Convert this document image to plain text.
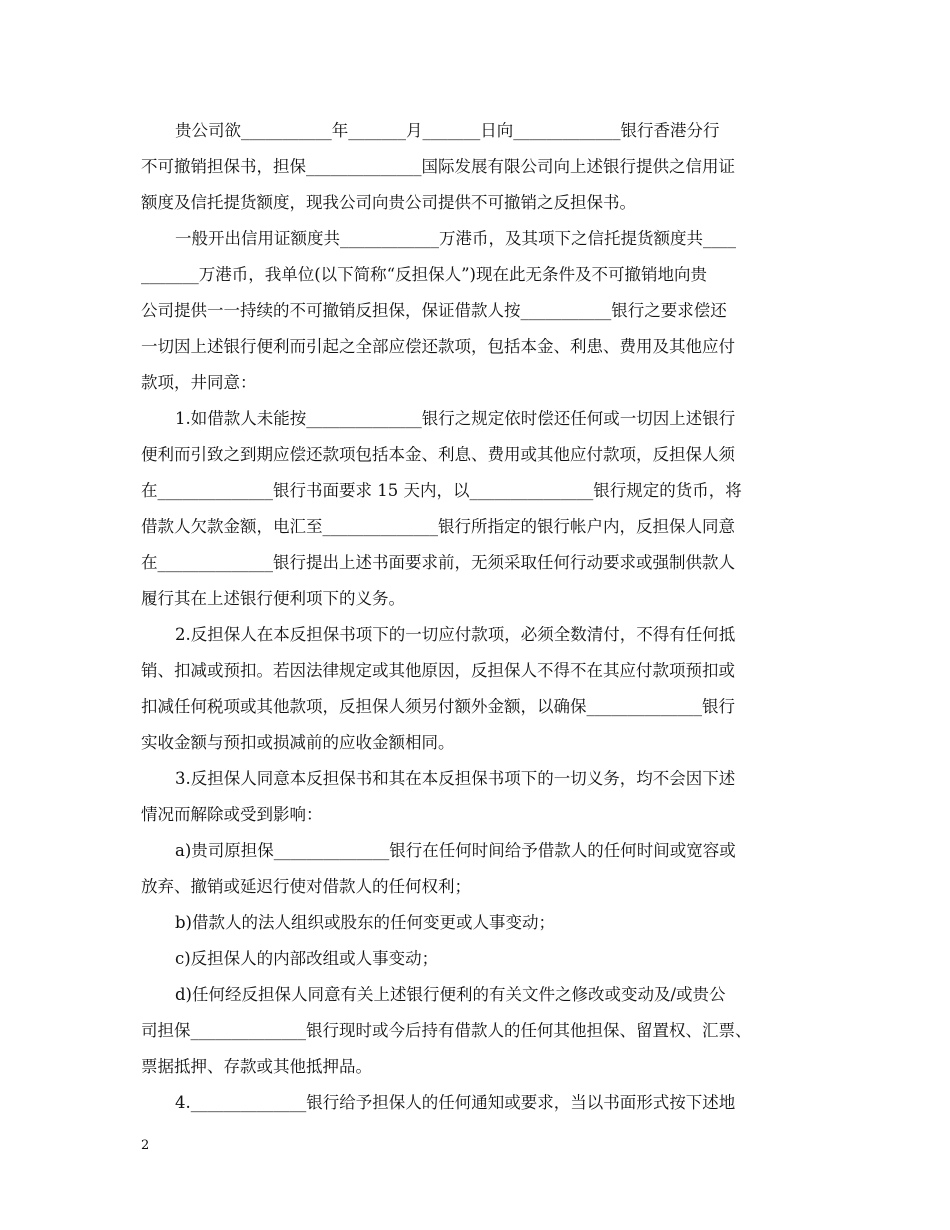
贵公司欲___________年_______月_______日向_____________银行香港分行
不可撤销担保书，担保______________国际发展有限公司向上述银行提供之信用证
额度及信托提货额度，现我公司向贵公司提供不可撤销之反担保书。
一般开出信用证额度共____________万港币，及其项下之信托提货额度共____
_______万港币，我单位(以下简称“反担保人”)现在此无条件及不可撤销地向贵
公司提供一一持续的不可撤销反担保，保证借款人按___________银行之要求偿还
一切因上述银行便利而引起之全部应偿还款项，包括本金、利患、费用及其他应付
款项，井同意：
1.如借款人未能按______________银行之规定依时偿还任何或一切因上述银行
便利而引致之到期应偿还款项包括本金、利息、费用或其他应付款项，反担保人须
在______________银行书面要求 15 天内，以_______________银行规定的货币，将
借款人欠款金额，电汇至______________银行所指定的银行帐户内，反担保人同意
在______________银行提出上述书面要求前，无须采取任何行动要求或强制供款人
履行其在上述银行便利项下的义务。
2.反担保人在本反担保书项下的一切应付款项，必须全数清付，不得有任何抵
销、扣减或预扣。若因法律规定或其他原因，反担保人不得不在其应付款项预扣或
扣减任何税项或其他款项，反担保人须另付额外金额，以确保______________银行
实收金额与预扣或损减前的应收金额相同。
3.反担保人同意本反担保书和其在本反担保书项下的一切义务，均不会因下述
情况而解除或受到影响：
a)贵司原担保______________银行在任何时间给予借款人的任何时间或宽容或
放弃、撤销或延迟行使对借款人的任何权利；
b)借款人的法人组织或股东的任何变更或人事变动；
c)反担保人的内部改组或人事变动；
d)任何经反担保人同意有关上述银行便利的有关文件之修改或变动及/或贵公
司担保______________银行现时或今后持有借款人的任何其他担保、留置权、汇票、
票据抵押、存款或其他抵押品。
4.______________银行给予担保人的任何通知或要求，当以书面形式按下述地
2
